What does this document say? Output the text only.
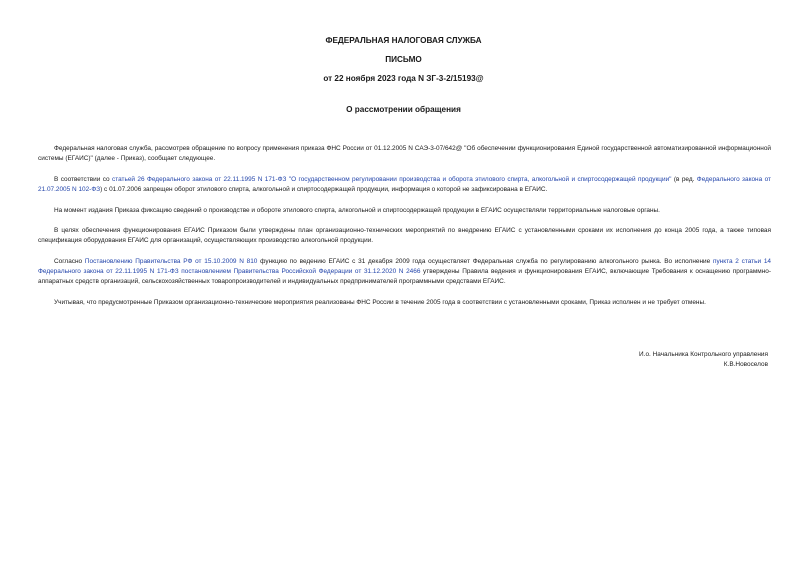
ФЕДЕРАЛЬНАЯ НАЛОГОВАЯ СЛУЖБА
ПИСЬМО
от 22 ноября 2023 года N ЗГ-3-2/15193@
О рассмотрении обращения

Федеральная налоговая служба, рассмотрев обращение по вопросу применения приказа ФНС России от 01.12.2005 N САЭ-3-07/642@ "Об обеспечении функционирования Единой государственной автоматизированной информационной системы (ЕГАИС)" (далее - Приказ), сообщает следующее.

В соответствии со статьей 26 Федерального закона от 22.11.1995 N 171-ФЗ "О государственном регулировании производства и оборота этилового спирта, алкогольной и спиртосодержащей продукции" (в ред. Федерального закона от 21.07.2005 N 102-ФЗ) с 01.07.2006 запрещен оборот этилового спирта, алкогольной и спиртосодержащей продукции, информация о которой не зафиксирована в ЕГАИС.

На момент издания Приказа фиксацию сведений о производстве и обороте этилового спирта, алкогольной и спиртосодержащей продукции в ЕГАИС осуществляли территориальные налоговые органы.

В целях обеспечения функционирования ЕГАИС Приказом были утверждены план организационно-технических мероприятий по внедрению ЕГАИС с установленными сроками их исполнения до конца 2005 года, а также типовая спецификация оборудования ЕГАИС для организаций, осуществляющих производство алкогольной продукции.

Согласно Постановлению Правительства РФ от 15.10.2009 N 810 функцию по ведению ЕГАИС с 31 декабря 2009 года осуществляет Федеральная служба по регулированию алкогольного рынка. Во исполнение пункта 2 статьи 14 Федерального закона от 22.11.1995 N 171-ФЗ постановлением Правительства Российской Федерации от 31.12.2020 N 2466 утверждены Правила ведения и функционирования ЕГАИС, включающие Требования к оснащению программно-аппаратных средств организаций, сельскохозяйственных товаропроизводителей и индивидуальных предпринимателей программными средствами ЕГАИС.

Учитывая, что предусмотренные Приказом организационно-технические мероприятия реализованы ФНС России в течение 2005 года в соответствии с установленными сроками, Приказ исполнен и не требует отмены.

И.о. Начальника Контрольного управления
К.В.Новоселов
